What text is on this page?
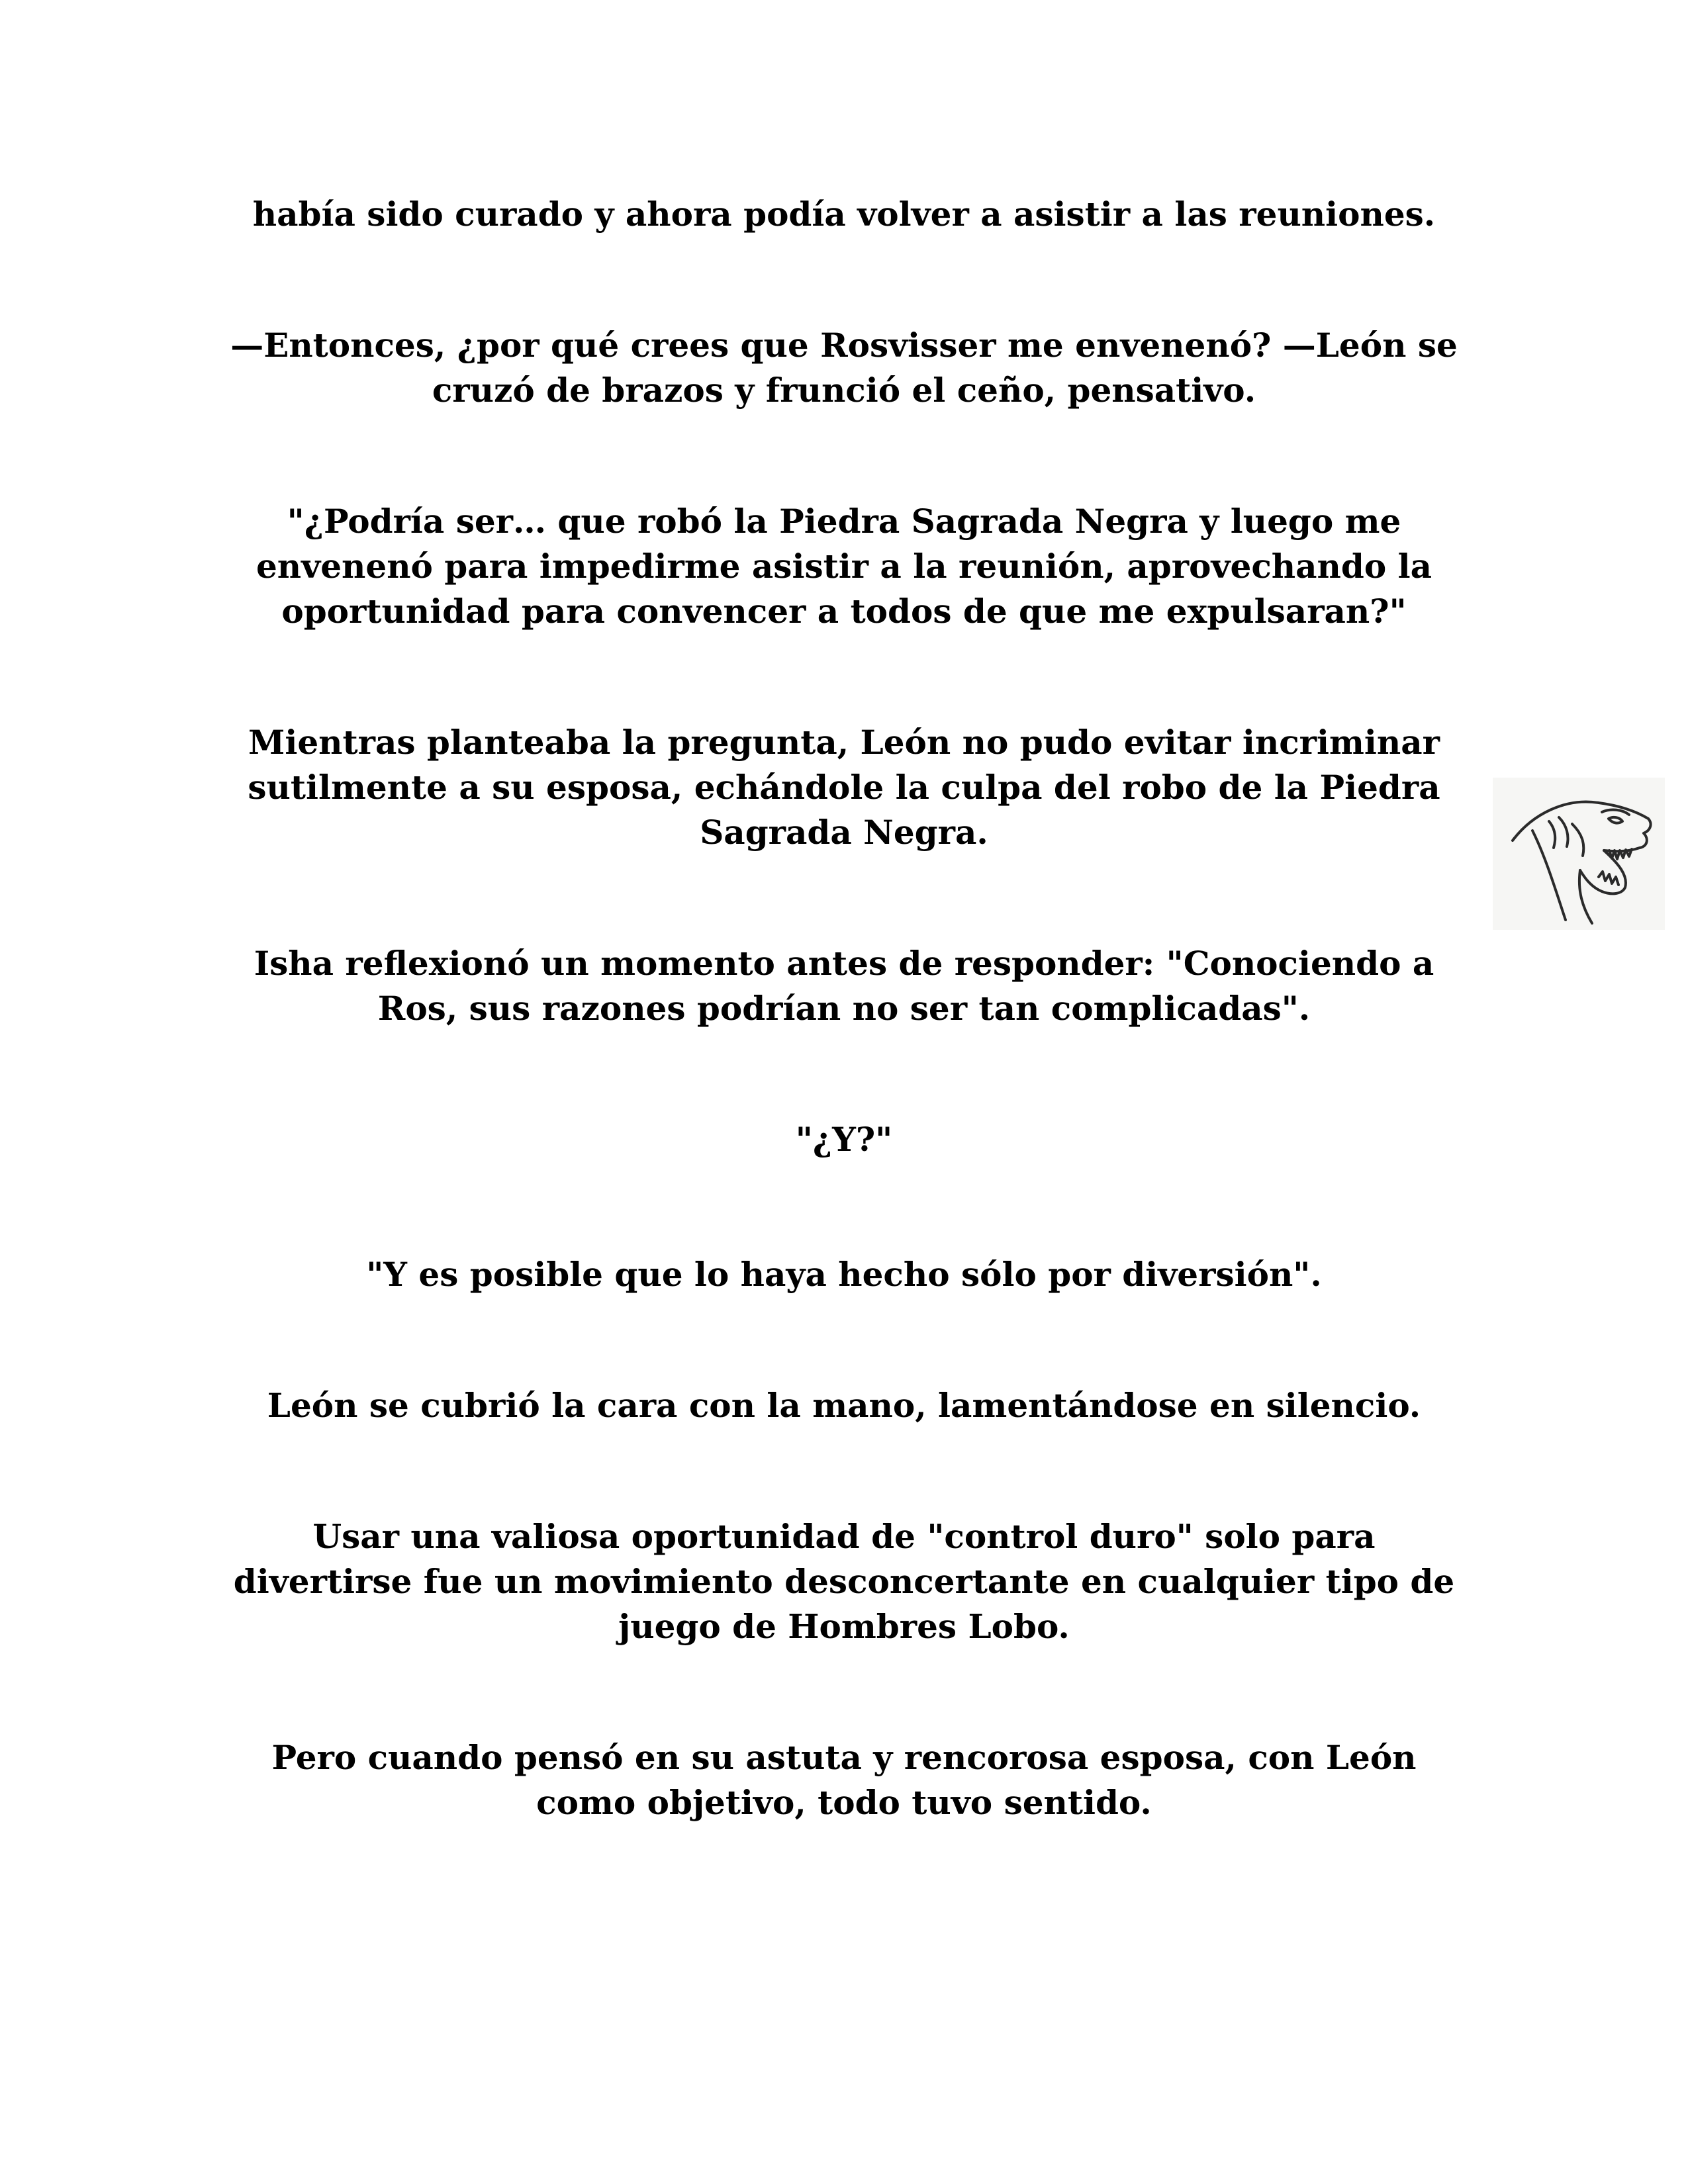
había sido curado y ahora podía volver a asistir a las reuniones.

—Entonces, ¿por qué crees que Rosvisser me envenenó? —León se cruzó de brazos y frunció el ceño, pensativo.

"¿Podría ser… que robó la Piedra Sagrada Negra y luego me envenenó para impedirme asistir a la reunión, aprovechando la oportunidad para convencer a todos de que me expulsaran?"

Mientras planteaba la pregunta, León no pudo evitar incriminar sutilmente a su esposa, echándole la culpa del robo de la Piedra Sagrada Negra.

Isha reflexionó un momento antes de responder: "Conociendo a Ros, sus razones podrían no ser tan complicadas".

"¿Y?"

"Y es posible que lo haya hecho sólo por diversión".

León se cubrió la cara con la mano, lamentándose en silencio.

Usar una valiosa oportunidad de "control duro" solo para divertirse fue un movimiento desconcertante en cualquier tipo de juego de Hombres Lobo.

Pero cuando pensó en su astuta y rencorosa esposa, con León como objetivo, todo tuvo sentido.
